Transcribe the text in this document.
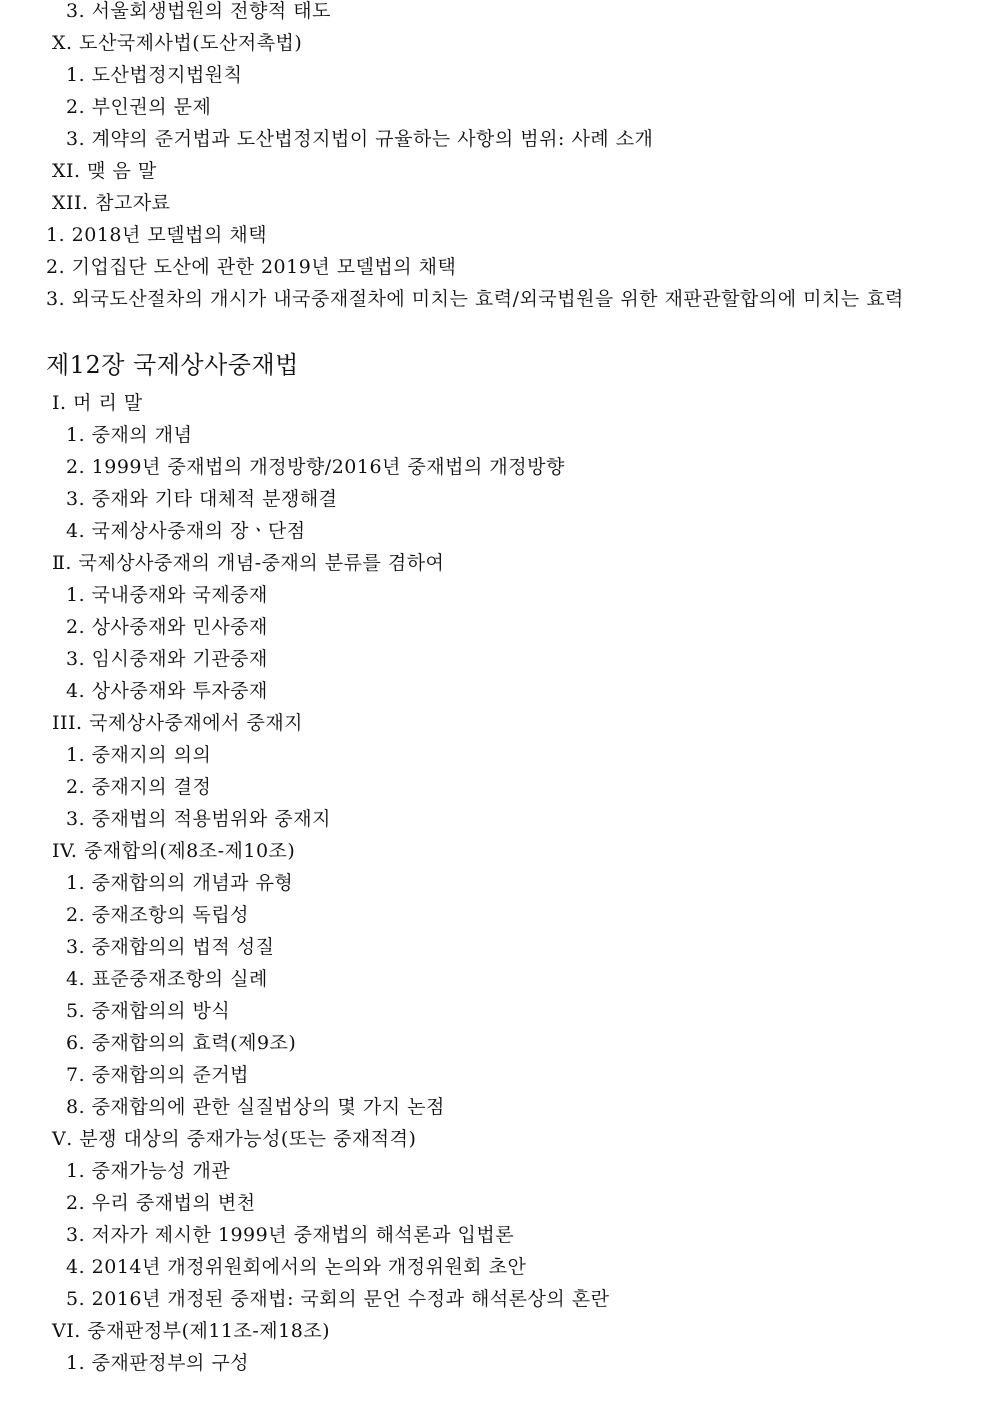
3. 서울회생법원의 전향적 태도
Ⅹ. 도산국제사법(도산저촉법)
1. 도산법정지법원칙
2. 부인권의 문제
3. 계약의 준거법과 도산법정지법이 규율하는 사항의 범위: 사례 소개
XI. 맺 음 말
XII. 참고자료
1. 2018년 모델법의 채택
2. 기업집단 도산에 관한 2019년 모델법의 채택
3. 외국도산절차의 개시가 내국중재절차에 미치는 효력/외국법원을 위한 재판관할합의에 미치는 효력
제12장 국제상사중재법
Ⅰ. 머 리 말
1. 중재의 개념
2. 1999년 중재법의 개정방향/2016년 중재법의 개정방향
3. 중재와 기타 대체적 분쟁해결
4. 국제상사중재의 장ㆍ단점
Ⅱ. 국제상사중재의 개념-중재의 분류를 겸하여
1. 국내중재와 국제중재
2. 상사중재와 민사중재
3. 임시중재와 기관중재
4. 상사중재와 투자중재
III. 국제상사중재에서 중재지
1. 중재지의 의의
2. 중재지의 결정
3. 중재법의 적용범위와 중재지
IV. 중재합의(제8조-제10조)
1. 중재합의의 개념과 유형
2. 중재조항의 독립성
3. 중재합의의 법적 성질
4. 표준중재조항의 실례
5. 중재합의의 방식
6. 중재합의의 효력(제9조)
7. 중재합의의 준거법
8. 중재합의에 관한 실질법상의 몇 가지 논점
Ⅴ. 분쟁 대상의 중재가능성(또는 중재적격)
1. 중재가능성 개관
2. 우리 중재법의 변천
3. 저자가 제시한 1999년 중재법의 해석론과 입법론
4. 2014년 개정위원회에서의 논의와 개정위원회 초안
5. 2016년 개정된 중재법: 국회의 문언 수정과 해석론상의 혼란
VI. 중재판정부(제11조-제18조)
1. 중재판정부의 구성
